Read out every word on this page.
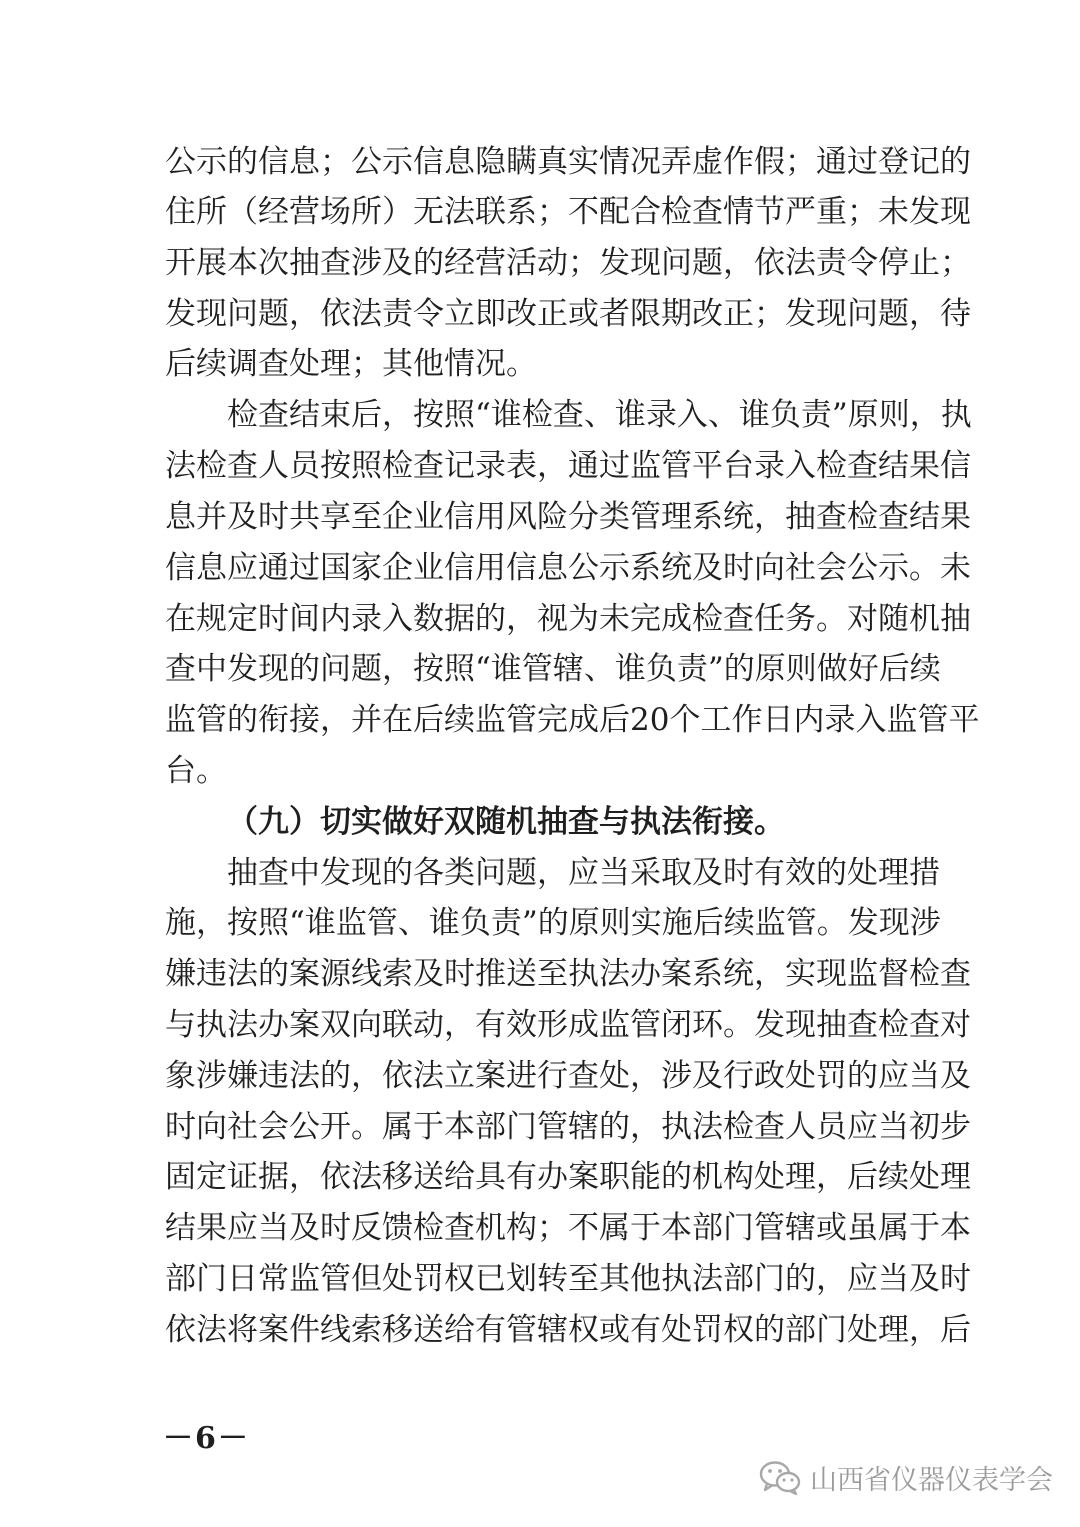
公示的信息；公示信息隐瞒真实情况弄虚作假；通过登记的
住所（经营场所）无法联系；不配合检查情节严重；未发现
开展本次抽查涉及的经营活动；发现问题，依法责令停止；
发现问题，依法责令立即改正或者限期改正；发现问题，待
后续调查处理；其他情况。
检查结束后，按照“谁检查、谁录入、谁负责”原则，执
法检查人员按照检查记录表，通过监管平台录入检查结果信
息并及时共享至企业信用风险分类管理系统，抽查检查结果
信息应通过国家企业信用信息公示系统及时向社会公示。未
在规定时间内录入数据的，视为未完成检查任务。对随机抽
查中发现的问题，按照“谁管辖、谁负责”的原则做好后续
监管的衔接，并在后续监管完成后20个工作日内录入监管平
台。
（九）切实做好双随机抽查与执法衔接。
抽查中发现的各类问题，应当采取及时有效的处理措
施，按照“谁监管、谁负责”的原则实施后续监管。发现涉
嫌违法的案源线索及时推送至执法办案系统，实现监督检查
与执法办案双向联动，有效形成监管闭环。发现抽查检查对
象涉嫌违法的，依法立案进行查处，涉及行政处罚的应当及
时向社会公开。属于本部门管辖的，执法检查人员应当初步
固定证据，依法移送给具有办案职能的机构处理，后续处理
结果应当及时反馈检查机构；不属于本部门管辖或虽属于本
部门日常监管但处罚权已划转至其他执法部门的，应当及时
依法将案件线索移送给有管辖权或有处罚权的部门处理，后
－6－
山西省仪器仪表学会
